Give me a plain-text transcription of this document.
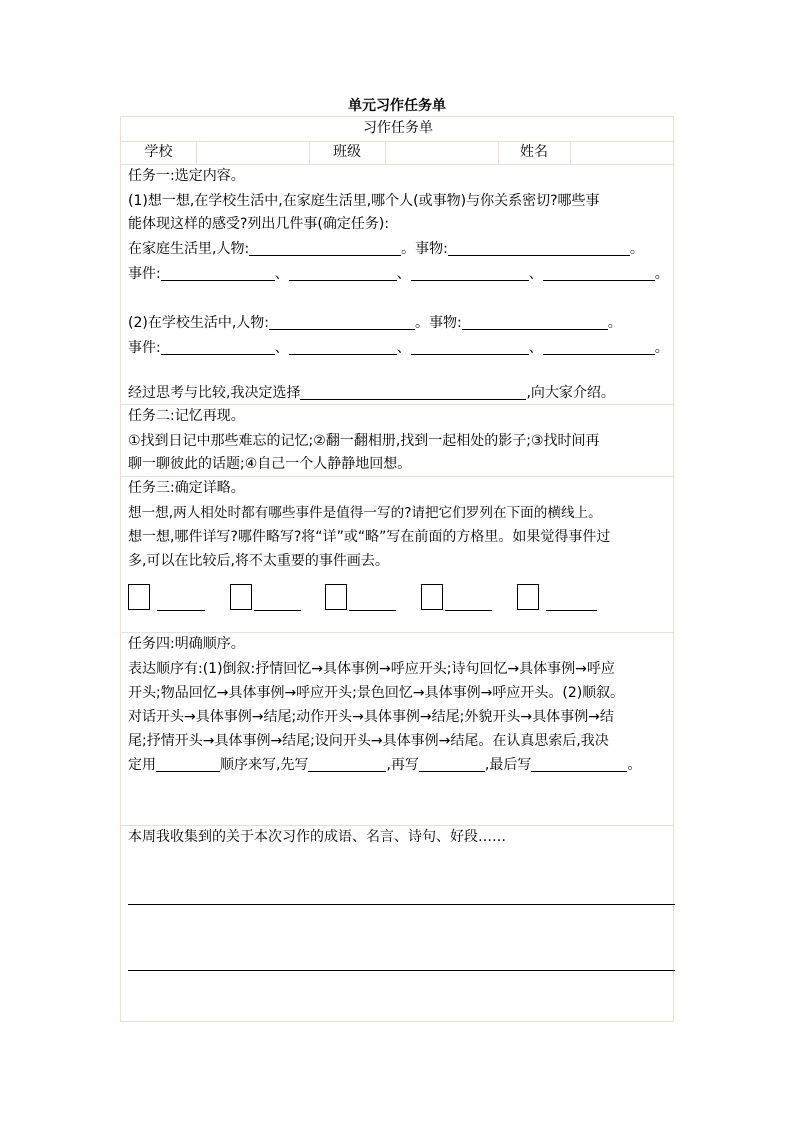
单元习作任务单
习作任务单
学校	班级	姓名
任务一:选定内容。
(1)想一想,在学校生活中,在家庭生活里,哪个人(或事物)与你关系密切?哪些事
能体现这样的感受?列出几件事(确定任务):
在家庭生活里,人物:	。事物:	。
事件:	、	、	、	。
(2)在学校生活中,人物:	。事物:	。
事件:	、	、	、	。
经过思考与比较,我决定选择	,向大家介绍。
任务二:记忆再现。
①找到日记中那些难忘的记忆;②翻一翻相册,找到一起相处的影子;③找时间再
聊一聊彼此的话题;④自己一个人静静地回想。
任务三:确定详略。
想一想,两人相处时都有哪些事件是值得一写的?请把它们罗列在下面的横线上。
想一想,哪件详写?哪件略写?将“详”或“略”写在前面的方格里。如果觉得事件过
多,可以在比较后,将不太重要的事件画去。
任务四:明确顺序。
表达顺序有:(1)倒叙:抒情回忆→具体事例→呼应开头;诗句回忆→具体事例→呼应
开头;物品回忆→具体事例→呼应开头;景色回忆→具体事例→呼应开头。(2)顺叙。
对话开头→具体事例→结尾;动作开头→具体事例→结尾;外貌开头→具体事例→结
尾;抒情开头→具体事例→结尾;设问开头→具体事例→结尾。在认真思索后,我决
定用	顺序来写,先写	,再写	,最后写	。
本周我收集到的关于本次习作的成语、名言、诗句、好段……
